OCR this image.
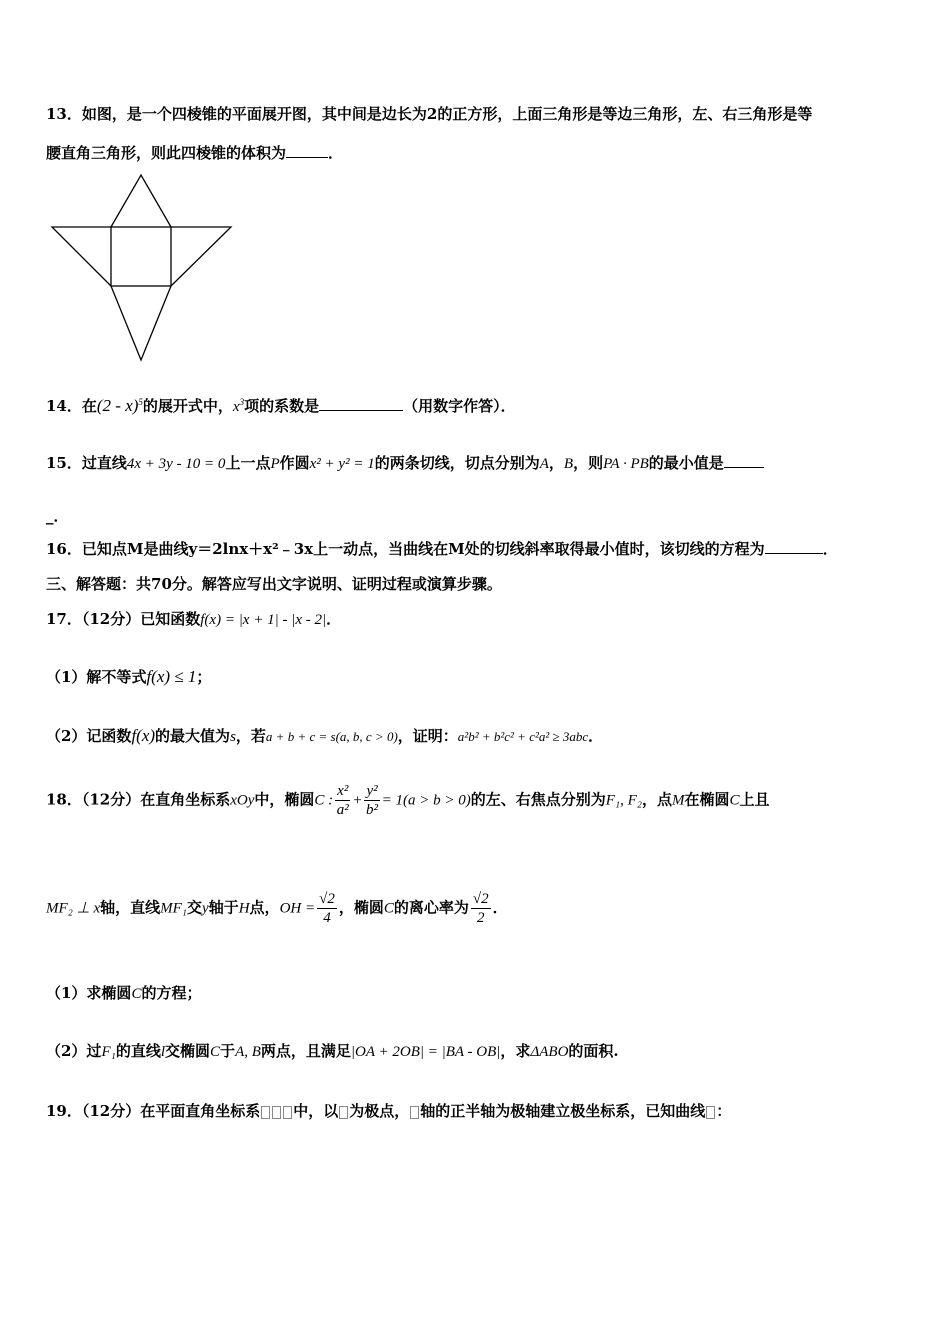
13．如图，是一个四棱锥的平面展开图，其中间是边长为2的正方形，上面三角形是等边三角形，左、右三角形是等
腰直角三角形，则此四棱锥的体积为	．
14．在(2 - x)$^5$的展开式中，$x^3$项的系数是	（用数字作答）．
15．过直线4x + 3y - 10 = 0上一点P作圆x² + y² = 1的两条切线，切点分别为A，B，则PA · PB的最小值是
_．
16．已知点M是曲线y＝2lnx＋x²﹣3x上一动点，当曲线在M处的切线斜率取得最小值时，该切线的方程为	．
三、解答题：共70分。解答应写出文字说明、证明过程或演算步骤。
17．（12分）已知函数f(x) = |x + 1| - |x - 2|．
（1）解不等式f(x) ≤ 1；
（2）记函数f(x)的最大值为s，若a + b + c = s(a, b, c > 0)，证明：a²b² + b²c² + c²a² ≥ 3abc．
18．（12分）在直角坐标系xOy中，椭圆C : $\frac{\text{x²}}{\text{a²}} + \frac{\text{y²}}{\text{b²}} = 1(a > b > 0)$的左、右焦点分别为F₁, F₂，点M在椭圆C上且
MF₂ ⊥ x轴，直线MF₁交y轴于H点，OH = $\frac{√2}{4}$ ，椭圆C的离心率为 $\frac{√2}{2}$ ．
（1）求椭圆C的方程；
（2）过F₁的直线l交椭圆C于A, B两点，且满足|OA + 2OB| = |BA - OB|，求ΔABO的面积.
19．（12分）在平面直角坐标系 中，以 为极点， 轴的正半轴为极轴建立极坐标系，已知曲线 ：
